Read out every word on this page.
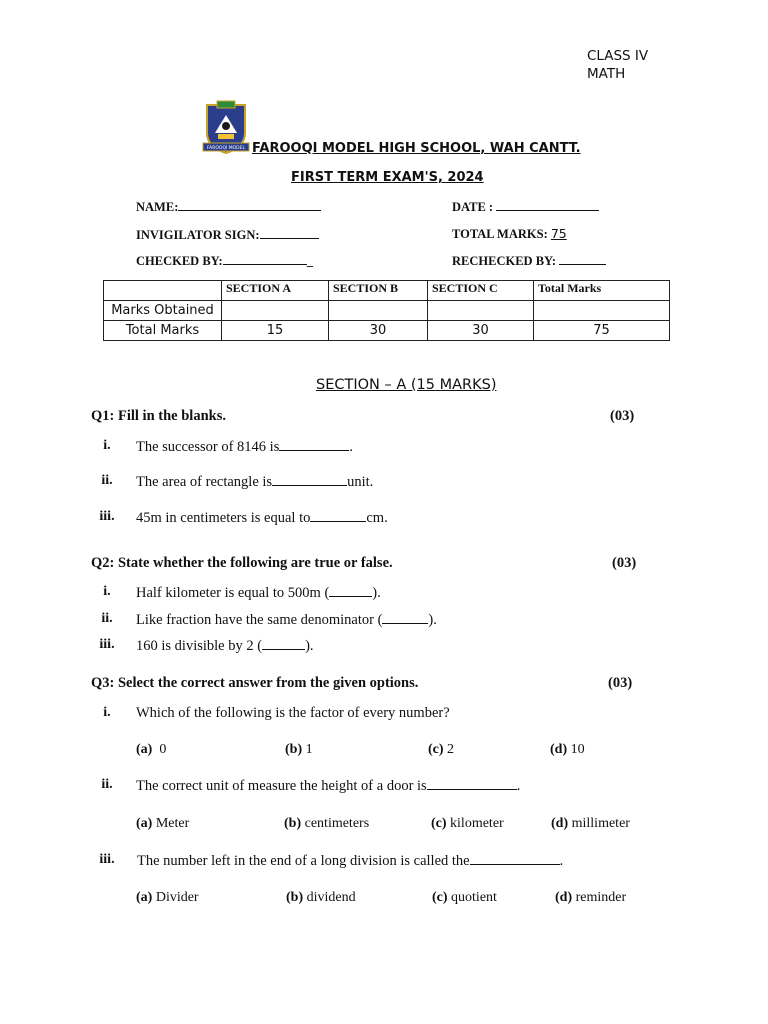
CLASS IV
MATH
FAROOQI MODEL FAROOQI MODEL HIGH SCHOOL, WAH CANTT.
FIRST TERM EXAM'S, 2024
NAME:	DATE :
INVIGILATOR SIGN:	TOTAL MARKS: 75
CHECKED BY:	_	RECHECKED BY:
	SECTION A	SECTION B	SECTION C	Total Marks
Marks Obtained				
Total Marks	15	30	30	75
SECTION – A (15 MARKS)
Q1: Fill in the blanks.	(03)
i.	The successor of 8146 is	.
ii.	The area of rectangle is	unit.
iii.	45m in centimeters is equal to	cm.
Q2: State whether the following are true or false.	(03)
i.	Half kilometer is equal to 500m (	).
ii.	Like fraction have the same denominator (	).
iii.	160 is divisible by 2 (	).
Q3: Select the correct answer from the given options.	(03)
i.	Which of the following is the factor of every number?
(a)  0	(b) 1	(c) 2	(d) 10
ii.	The correct unit of measure the height of a door is	.
(a) Meter	(b) centimeters	(c) kilometer	(d) millimeter
iii.	The number left in the end of a long division is called the	.
(a) Divider	(b) dividend	(c) quotient	(d) reminder
